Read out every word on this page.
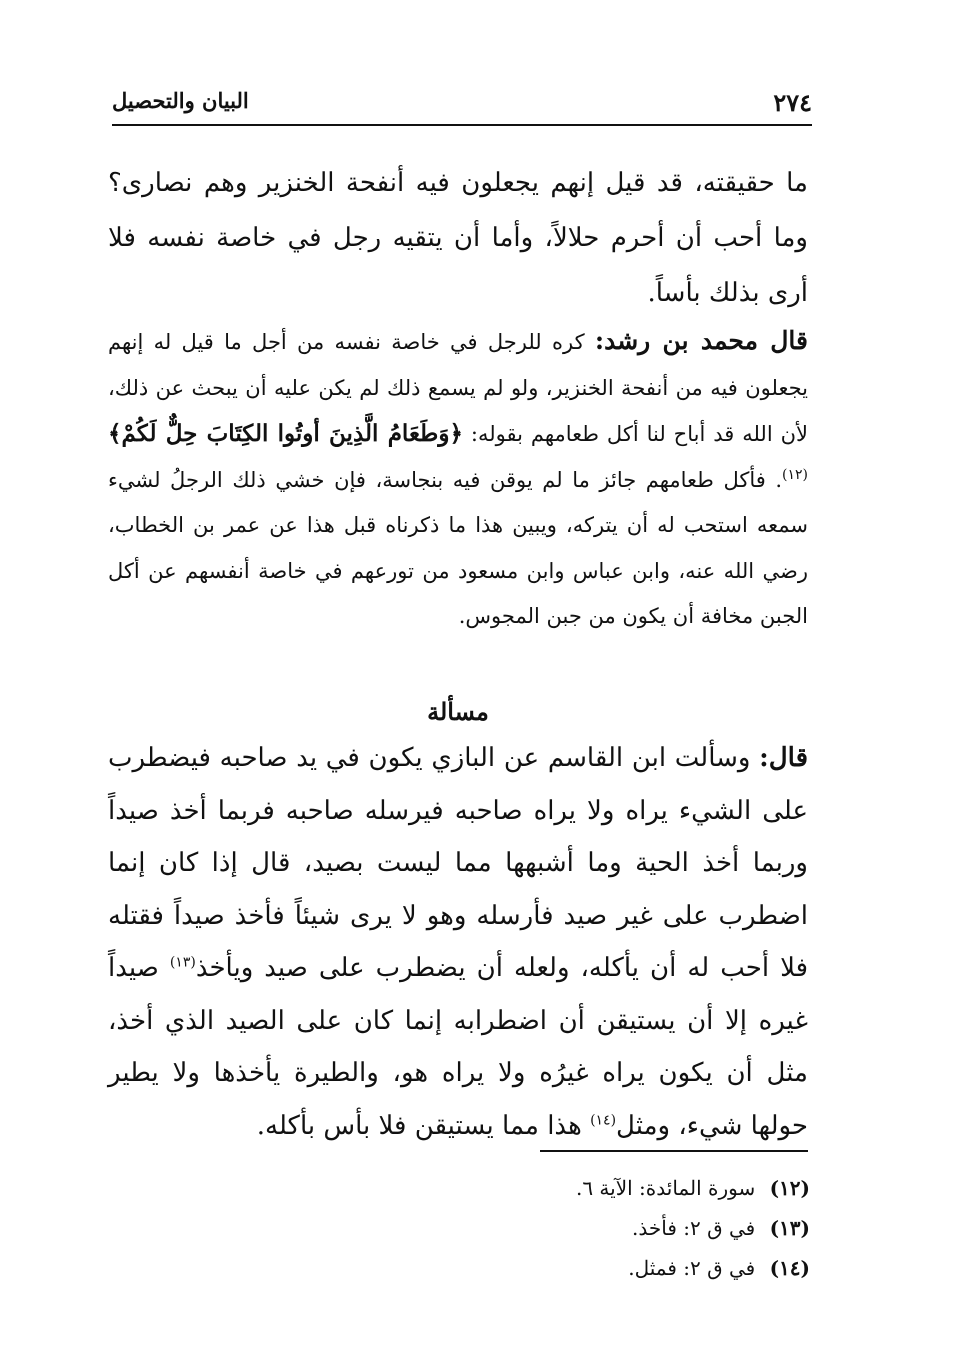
٢٧٤
البيان والتحصيل
ما حقيقته، قد قيل إنهم يجعلون فيه أنفحة الخنزير وهم نصارى؟ وما أحب أن أحرم حلالاً، وأما أن يتقيه رجل في خاصة نفسه فلا أرى بذلك بأساً.
قال محمد بن رشد: كره للرجل في خاصة نفسه من أجل ما قيل له إنهم يجعلون فيه من أنفحة الخنزير، ولو لم يسمع ذلك لم يكن عليه أن يبحث عن ذلك، لأن الله قد أباح لنا أكل طعامهم بقوله: ﴿وَطَعَامُ الَّذِينَ أوتُوا الكِتَابَ حِلٌّ لَكُمْ﴾$^{(١٢)}$. فأكل طعامهم جائز ما لم يوقن فيه بنجاسة، فإن خشي ذلك الرجلُ لشيء سمعه استحب له أن يتركه، ويبين هذا ما ذكرناه قبل هذا عن عمر بن الخطاب، رضي الله عنه، وابن عباس وابن مسعود من تورعهم في خاصة أنفسهم عن أكل الجبن مخافة أن يكون من جبن المجوس.
مسألة
قال: وسألت ابن القاسم عن البازي يكون في يد صاحبه فيضطرب على الشيء يراه ولا يراه صاحبه فيرسله صاحبه فربما أخذ صيداً وربما أخذ الحية وما أشبهها مما ليست بصيد، قال إذا كان إنما اضطرب على غير صيد فأرسله وهو لا يرى شيئاً فأخذ صيداً فقتله فلا أحب له أن يأكله، ولعله أن يضطرب على صيد ويأخذ$^{(١٣)}$ صيداً غيره إلا أن يستيقن أن اضطرابه إنما كان على الصيد الذي أخذ، مثل أن يكون يراه غيرُه ولا يراه هو، والطيرة يأخذها ولا يطير حولها شيء، ومثل$^{(١٤)}$ هذا مما يستيقن فلا بأس بأكله.
(١٢) سورة المائدة: الآية ٦.
(١٣) في ق ٢: فأخذ.
(١٤) في ق ٢: فمثل.
